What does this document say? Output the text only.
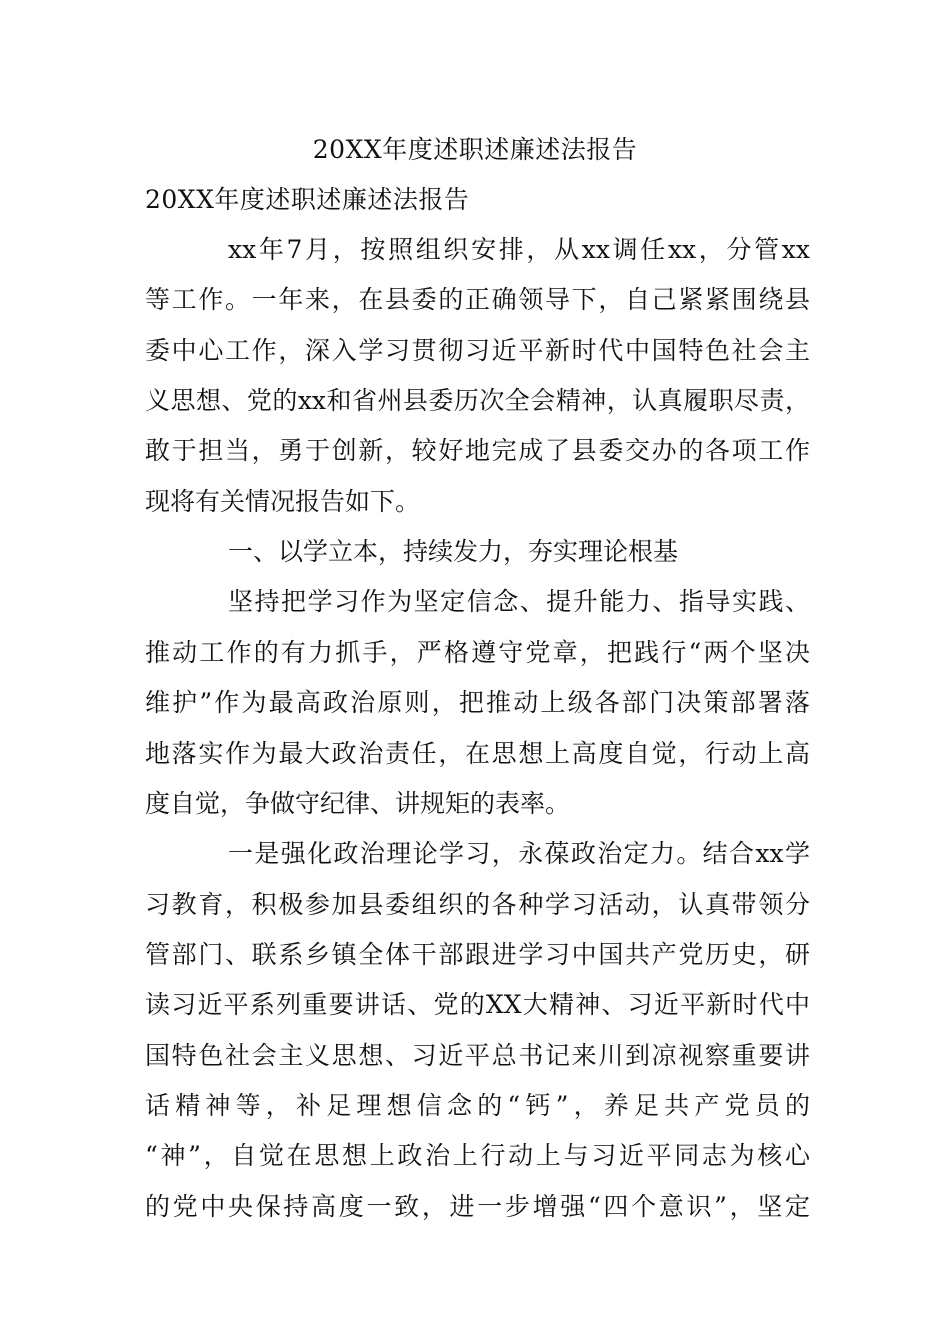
20XX年度述职述廉述法报告
20XX年度述职述廉述法报告
xx年7月，按照组织安排，从xx调任xx，分管xx
等工作。一年来，在县委的正确领导下，自己紧紧围绕县
委中心工作，深入学习贯彻习近平新时代中国特色社会主
义思想、党的xx和省州县委历次全会精神，认真履职尽责，
敢于担当，勇于创新，较好地完成了县委交办的各项工作
现将有关情况报告如下。
一、以学立本，持续发力，夯实理论根基
坚持把学习作为坚定信念、提升能力、指导实践、
推动工作的有力抓手，严格遵守党章，把践行“两个坚决
维护”作为最高政治原则，把推动上级各部门决策部署落
地落实作为最大政治责任，在思想上高度自觉，行动上高
度自觉，争做守纪律、讲规矩的表率。
一是强化政治理论学习，永葆政治定力。结合xx学
习教育，积极参加县委组织的各种学习活动，认真带领分
管部门、联系乡镇全体干部跟进学习中国共产党历史，研
读习近平系列重要讲话、党的XX大精神、习近平新时代中
国特色社会主义思想、习近平总书记来川到凉视察重要讲
话精神等，补足理想信念的“钙”，养足共产党员的
“神”，自觉在思想上政治上行动上与习近平同志为核心
的党中央保持高度一致，进一步增强“四个意识”，坚定
